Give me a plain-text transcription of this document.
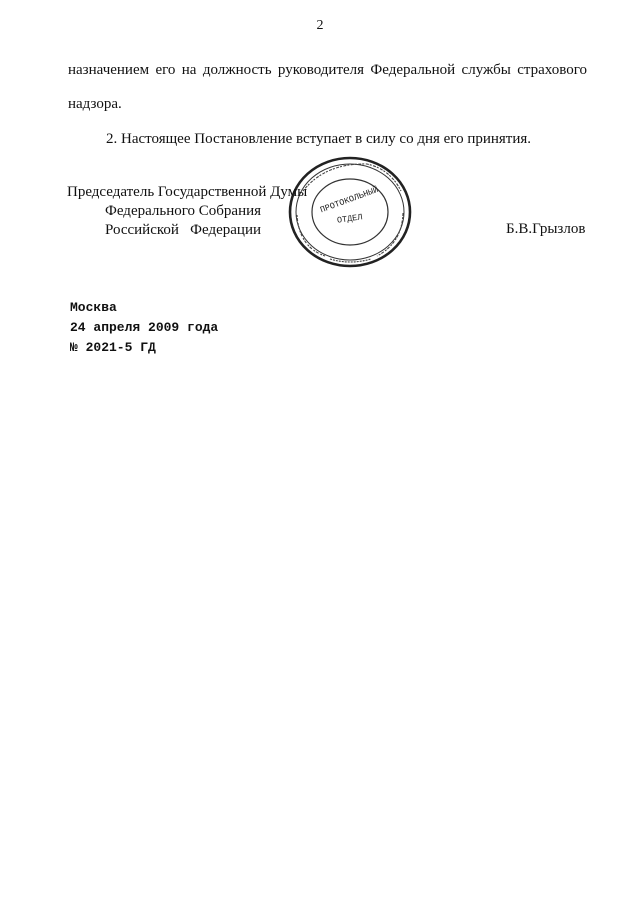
2
назначением его на должность руководителя Федеральной службы страхового
надзора.
2. Настоящее Постановление вступает в силу со дня его принятия.
ПРОТОКОЛЬНЫЙ
ОТДЕЛ
Председатель Государственной Думы
Федерального Собрания
Российской   Федерации	Б.В.Грызлов
Москва
24 апреля 2009 года
№ 2021-5 ГД
